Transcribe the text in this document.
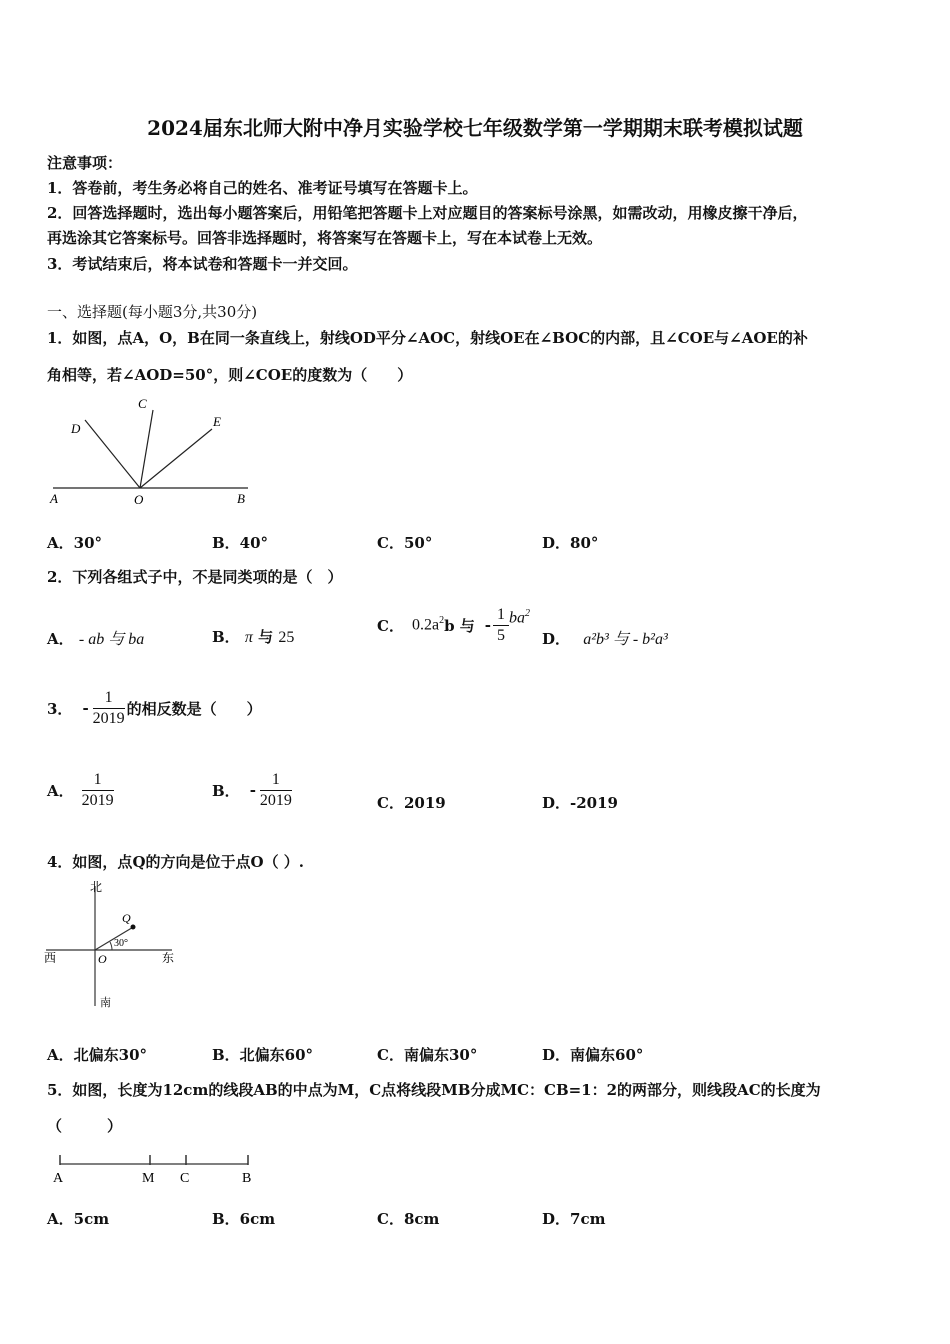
2024届东北师大附中净月实验学校七年级数学第一学期期末联考模拟试题
注意事项：
1．答卷前，考生务必将自己的姓名、准考证号填写在答题卡上。
2．回答选择题时，选出每小题答案后，用铅笔把答题卡上对应题目的答案标号涂黑，如需改动，用橡皮擦干净后，
再选涂其它答案标号。回答非选择题时，将答案写在答题卡上，写在本试卷上无效。
3．考试结束后，将本试卷和答题卡一并交回。
一、选择题(每小题3分,共30分)
1．如图，点A，O，B在同一条直线上，射线OD平分∠AOC，射线OE在∠BOC的内部，且∠COE与∠AOE的补
角相等，若∠AOD=50°，则∠COE的度数为（　　）
A	O	B
C
D	E
A．30°	B．40°	C．50°	D．80°
2．下列各组式子中，不是同类项的是（　）
A． - ab 与 ba	B． π 与 25
C． $0.2a^2$ b 与 - $\frac{1}{5} ba^2$
D． a²b³ 与 - b²a³
3． - $\frac{1}{2019}$ 的相反数是（　　）
A． $\frac{1}{2019}$	B． - $\frac{1}{2019}$	C．2019	D．-2019
4．如图，点Q的方向是位于点O（ ）.
北
南
西	东
O
Q
30°
A．北偏东30°	B．北偏东60°	C．南偏东30°	D．南偏东60°
5．如图，长度为12cm的线段AB的中点为M，C点将线段MB分成MC：CB=1：2的两部分，则线段AC的长度为
（　　　）
A	M C	B
A．5cm	B．6cm	C．8cm	D．7cm
